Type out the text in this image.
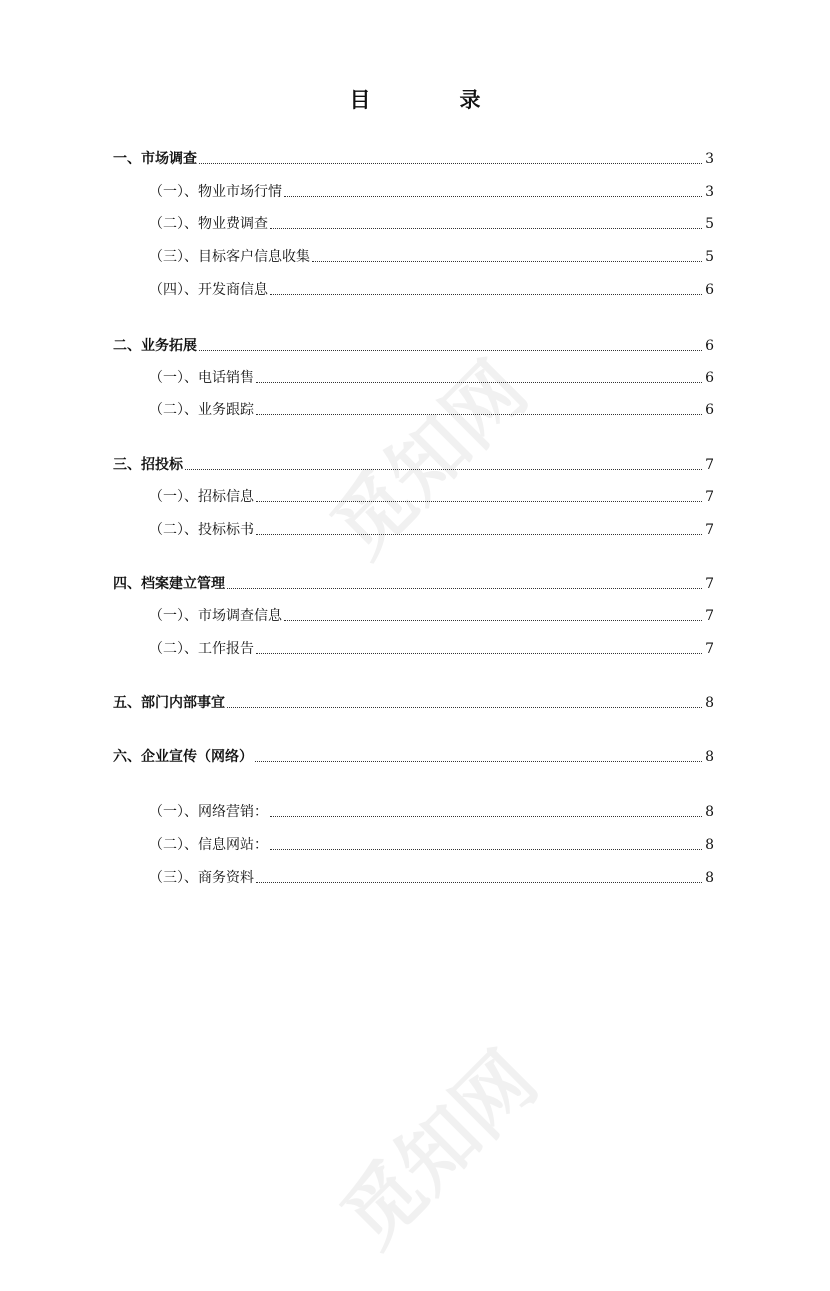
觅知网
觅知网
目　录
一、市场调查	3
（一）、物业市场行情	3
（二）、物业费调查	5
（三）、目标客户信息收集	5
（四）、开发商信息	6
二、业务拓展	6
（一）、电话销售	6
（二）、业务跟踪	6
三、招投标	7
（一）、招标信息	7
（二）、投标标书	7
四、档案建立管理	7
（一）、市场调查信息	7
（二）、工作报告	7
五、部门内部事宜	8
六、企业宣传（网络）	8
（一）、网络营销：	8
（二）、信息网站：	8
（三）、商务资料	8
